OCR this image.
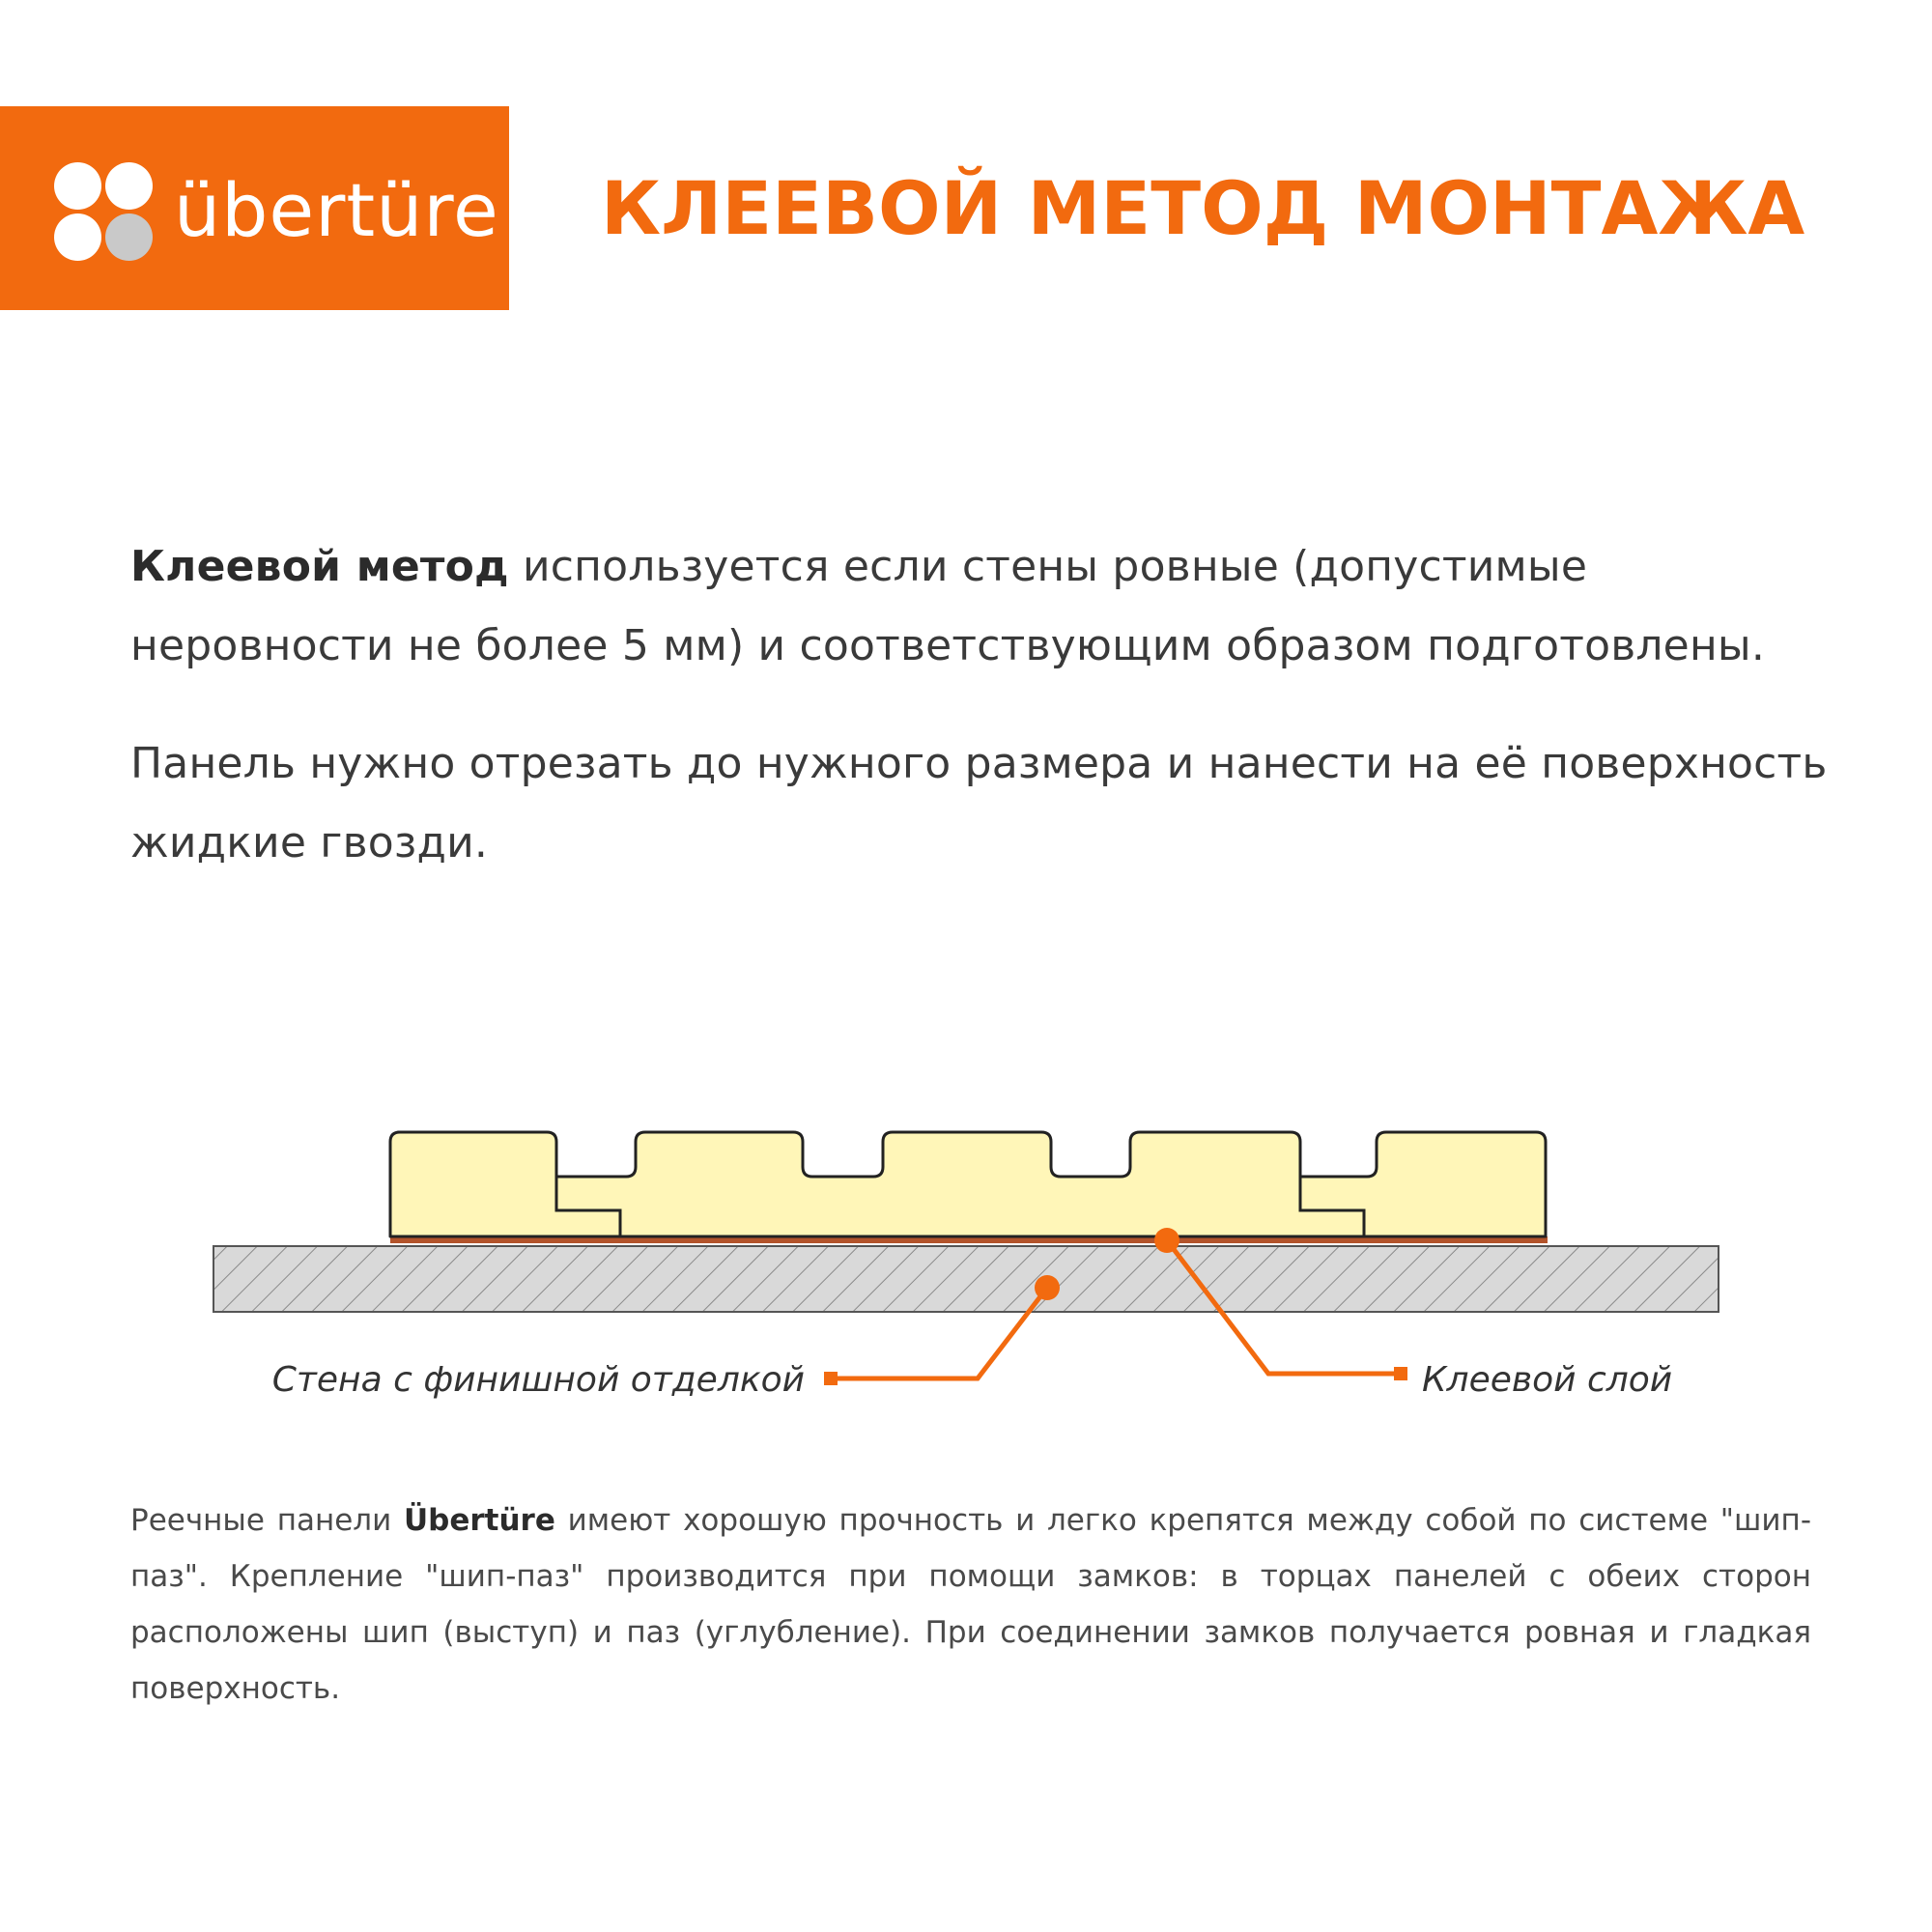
übertüre КЛЕЕВОЙ МЕТОД МОНТАЖА
Клеевой метод используется если стены ровные (допустимые неровности не более 5 мм) и соответствующим образом подготовлены.
Панель нужно отрезать до нужного размера и нанести на её поверхность жидкие гвозди.
Стена с финишной отделкой	Клеевой слой
Реечные панели Übertüre имеют хорошую прочность и легко крепятся между собой по системе "шип-паз". Крепление "шип-паз" производится при помощи замков: в торцах панелей с обеих сторон расположены шип (выступ) и паз (углубление). При соединении замков получается ровная и гладкая поверхность.
